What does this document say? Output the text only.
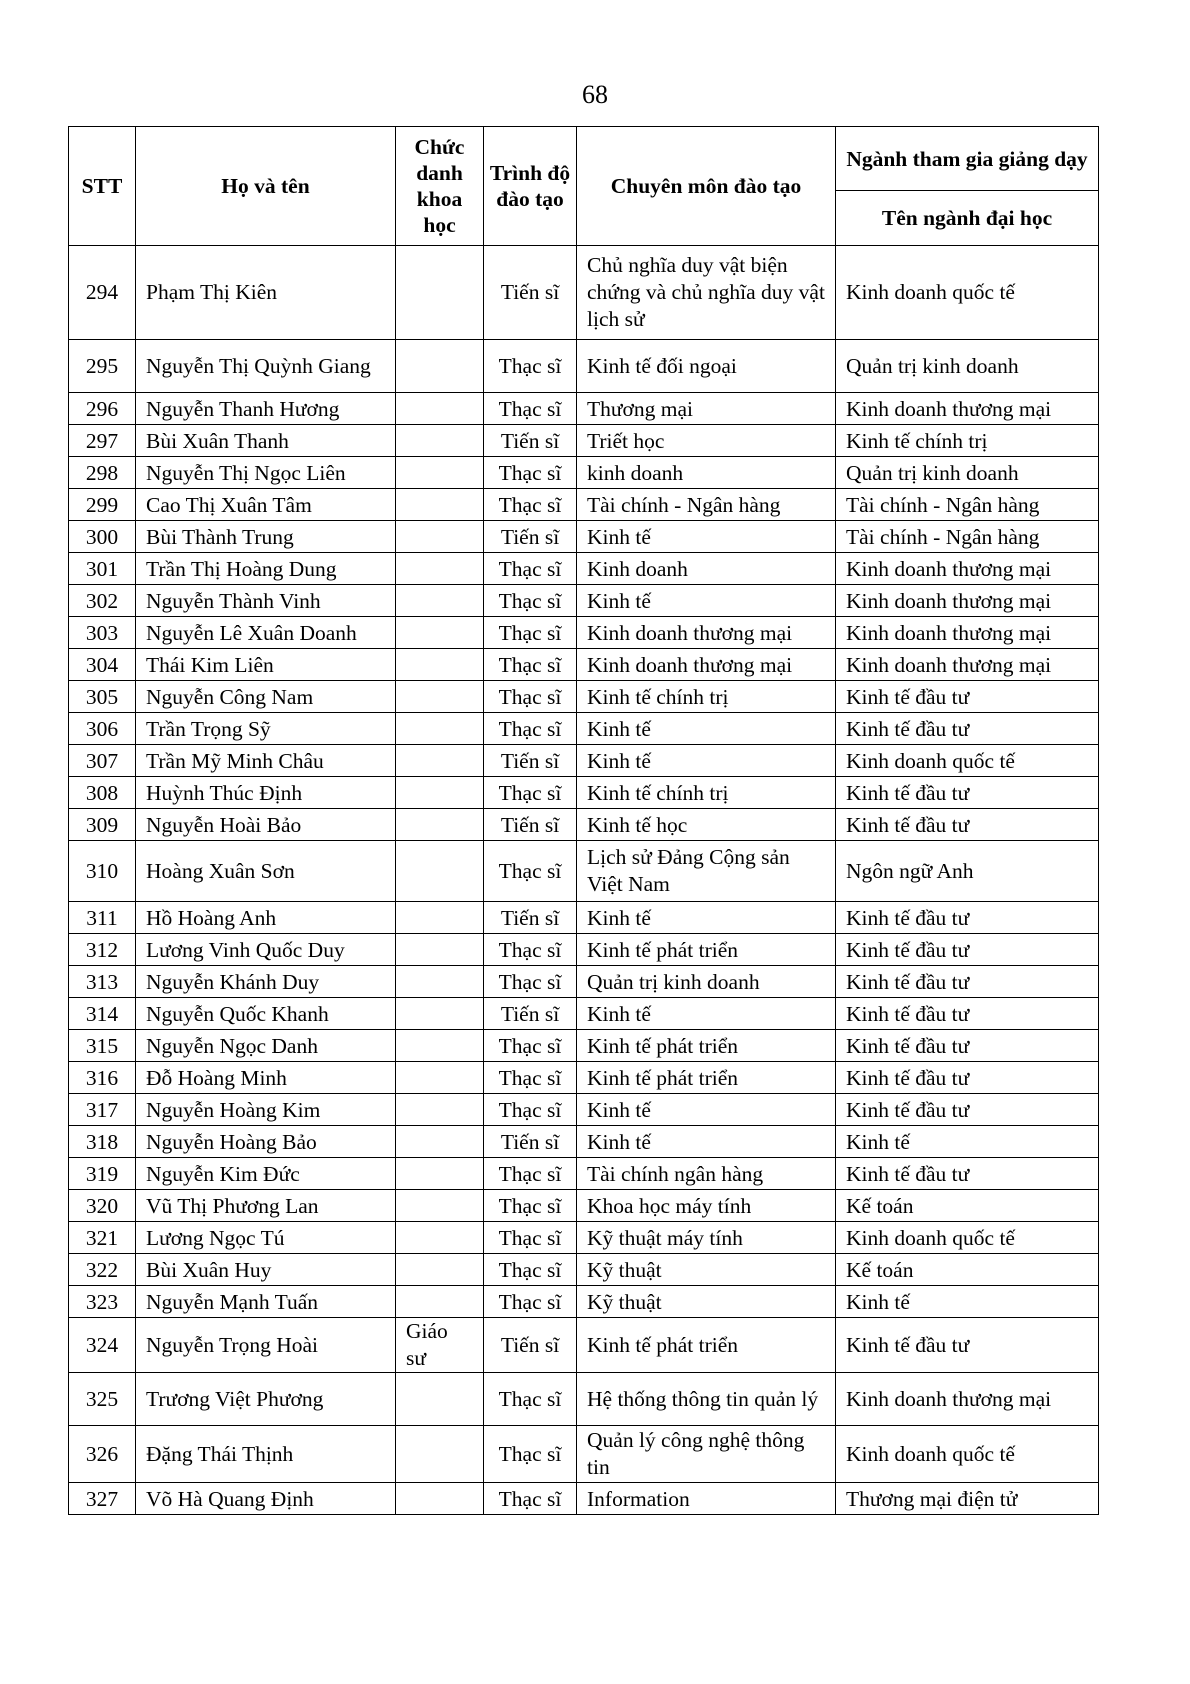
68
STT	Họ và tên	Chức danh khoa học	Trình độ đào tạo	Chuyên môn đào tạo	Ngành tham gia giảng dạy
					Tên ngành đại học
294	Phạm Thị Kiên		Tiến sĩ	Chủ nghĩa duy vật biện chứng và chủ nghĩa duy vật lịch sử	Kinh doanh quốc tế
295	Nguyễn Thị Quỳnh Giang		Thạc sĩ	Kinh tế đối ngoại	Quản trị kinh doanh
296	Nguyễn Thanh Hương		Thạc sĩ	Thương mại	Kinh doanh thương mại
297	Bùi Xuân Thanh		Tiến sĩ	Triết học	Kinh tế chính trị
298	Nguyễn Thị Ngọc Liên		Thạc sĩ	kinh doanh	Quản trị kinh doanh
299	Cao Thị Xuân Tâm		Thạc sĩ	Tài chính - Ngân hàng	Tài chính - Ngân hàng
300	Bùi Thành Trung		Tiến sĩ	Kinh tế	Tài chính - Ngân hàng
301	Trần Thị Hoàng Dung		Thạc sĩ	Kinh doanh	Kinh doanh thương mại
302	Nguyễn Thành Vinh		Thạc sĩ	Kinh tế	Kinh doanh thương mại
303	Nguyễn Lê Xuân Doanh		Thạc sĩ	Kinh doanh thương mại	Kinh doanh thương mại
304	Thái Kim Liên		Thạc sĩ	Kinh doanh thương mại	Kinh doanh thương mại
305	Nguyễn Công Nam		Thạc sĩ	Kinh tế chính trị	Kinh tế đầu tư
306	Trần Trọng Sỹ		Thạc sĩ	Kinh tế	Kinh tế đầu tư
307	Trần Mỹ Minh Châu		Tiến sĩ	Kinh tế	Kinh doanh quốc tế
308	Huỳnh Thúc Định		Thạc sĩ	Kinh tế chính trị	Kinh tế đầu tư
309	Nguyễn Hoài Bảo		Tiến sĩ	Kinh tế học	Kinh tế đầu tư
310	Hoàng Xuân Sơn		Thạc sĩ	Lịch sử Đảng Cộng sản Việt Nam	Ngôn ngữ Anh
311	Hồ Hoàng Anh		Tiến sĩ	Kinh tế	Kinh tế đầu tư
312	Lương Vinh Quốc Duy		Thạc sĩ	Kinh tế phát triển	Kinh tế đầu tư
313	Nguyễn Khánh Duy		Thạc sĩ	Quản trị kinh doanh	Kinh tế đầu tư
314	Nguyễn Quốc Khanh		Tiến sĩ	Kinh tế	Kinh tế đầu tư
315	Nguyễn Ngọc Danh		Thạc sĩ	Kinh tế phát triển	Kinh tế đầu tư
316	Đỗ Hoàng Minh		Thạc sĩ	Kinh tế phát triển	Kinh tế đầu tư
317	Nguyễn Hoàng Kim		Thạc sĩ	Kinh tế	Kinh tế đầu tư
318	Nguyễn Hoàng Bảo		Tiến sĩ	Kinh tế	Kinh tế
319	Nguyễn Kim Đức		Thạc sĩ	Tài chính ngân hàng	Kinh tế đầu tư
320	Vũ Thị Phương Lan		Thạc sĩ	Khoa học máy tính	Kế toán
321	Lương Ngọc Tú		Thạc sĩ	Kỹ thuật máy tính	Kinh doanh quốc tế
322	Bùi Xuân Huy		Thạc sĩ	Kỹ thuật	Kế toán
323	Nguyễn Mạnh Tuấn		Thạc sĩ	Kỹ thuật	Kinh tế
324	Nguyễn Trọng Hoài	Giáo sư	Tiến sĩ	Kinh tế phát triển	Kinh tế đầu tư
325	Trương Việt Phương		Thạc sĩ	Hệ thống thông tin quản lý	Kinh doanh thương mại
326	Đặng Thái Thịnh		Thạc sĩ	Quản lý công nghệ thông tin	Kinh doanh quốc tế
327	Võ Hà Quang Định		Thạc sĩ	Information	Thương mại điện tử
